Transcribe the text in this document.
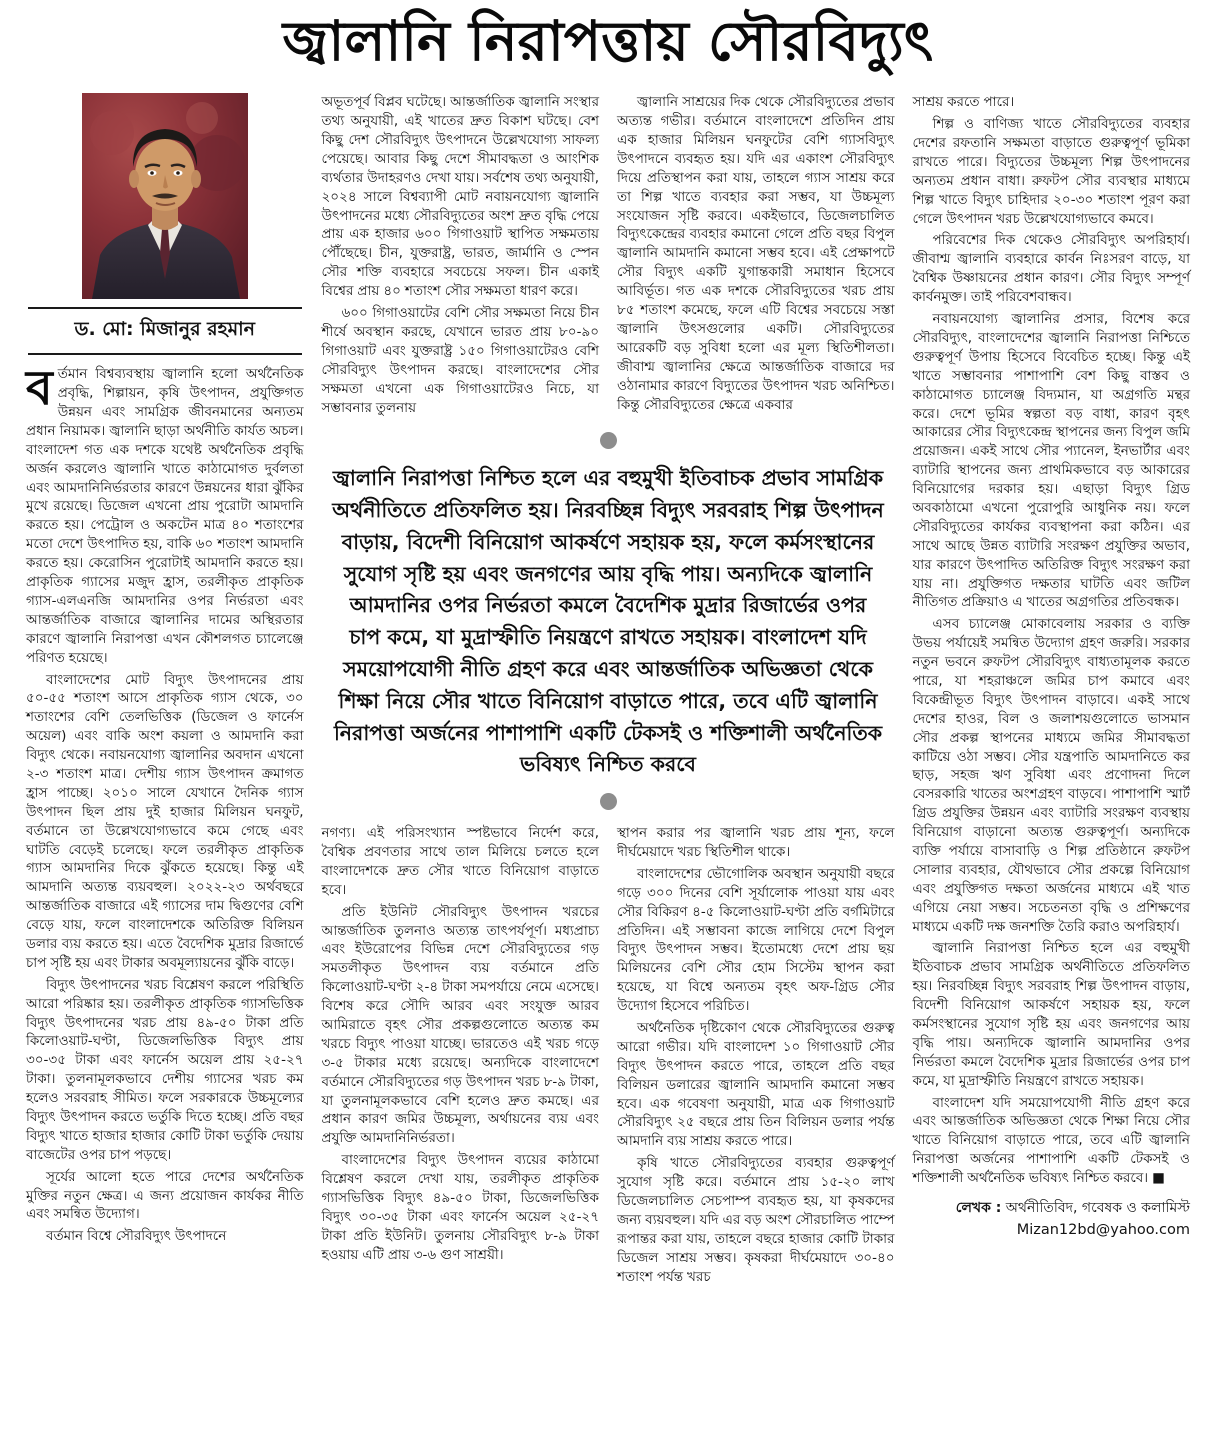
জ্বালানি নিরাপত্তায় সৌরবিদ্যুৎ
ড. মো: মিজানুর রহমান

বর্তমান বিশ্বব্যবস্থায় জ্বালানি হলো অর্থনৈতিক প্রবৃদ্ধি, শিল্পায়ন, কৃষি উৎপাদন, প্রযুক্তিগত উন্নয়ন এবং সামগ্রিক জীবনমানের অন্যতম প্রধান নিয়ামক। জ্বালানি ছাড়া অর্থনীতি কার্যত অচল। বাংলাদেশ গত এক দশকে যথেষ্ট অর্থনৈতিক প্রবৃদ্ধি অর্জন করলেও জ্বালানি খাতে কাঠামোগত দুর্বলতা এবং আমদানিনির্ভরতার কারণে উন্নয়নের ধারা ঝুঁকির মুখে রয়েছে। ডিজেল এখনো প্রায় পুরোটা আমদানি করতে হয়। পেট্রোল ও অকটেন মাত্র ৪০ শতাংশের মতো দেশে উৎপাদিত হয়, বাকি ৬০ শতাংশ আমদানি করতে হয়। কেরোসিন পুরোটাই আমদানি করতে হয়। প্রাকৃতিক গ্যাসের মজুদ হ্রাস, তরলীকৃত প্রাকৃতিক গ্যাস-এলএনজি আমদানির ওপর নির্ভরতা এবং আন্তর্জাতিক বাজারে জ্বালানির দামের অস্থিরতার কারণে জ্বালানি নিরাপত্তা এখন কৌশলগত চ্যালেঞ্জে পরিণত হয়েছে।

বাংলাদেশের মোট বিদ্যুৎ উৎপাদনের প্রায় ৫০-৫৫ শতাংশ আসে প্রাকৃতিক গ্যাস থেকে, ৩০ শতাংশের বেশি তেলভিত্তিক (ডিজেল ও ফার্নেস অয়েল) এবং বাকি অংশ কয়লা ও আমদানি করা বিদ্যুৎ থেকে। নবায়নযোগ্য জ্বালানির অবদান এখনো ২-৩ শতাংশ মাত্র। দেশীয় গ্যাস উৎপাদন ক্রমাগত হ্রাস পাচ্ছে। ২০১০ সালে যেখানে দৈনিক গ্যাস উৎপাদন ছিল প্রায় দুই হাজার মিলিয়ন ঘনফুট, বর্তমানে তা উল্লেখযোগ্যভাবে কমে গেছে এবং ঘাটতি বেড়েই চলেছে। ফলে তরলীকৃত প্রাকৃতিক গ্যাস আমদানির দিকে ঝুঁকতে হয়েছে। কিন্তু এই আমদানি অত্যন্ত ব্যয়বহুল। ২০২২-২৩ অর্থবছরে আন্তর্জাতিক বাজারে এই গ্যাসের দাম দ্বিগুণের বেশি বেড়ে যায়, ফলে বাংলাদেশকে অতিরিক্ত বিলিয়ন ডলার ব্যয় করতে হয়। এতে বৈদেশিক মুদ্রার রিজার্ভে চাপ সৃষ্টি হয় এবং টাকার অবমূল্যায়নের ঝুঁকি বাড়ে।

বিদ্যুৎ উৎপাদনের খরচ বিশ্লেষণ করলে পরিস্থিতি আরো পরিষ্কার হয়। তরলীকৃত প্রাকৃতিক গ্যাসভিত্তিক বিদ্যুৎ উৎপাদনের খরচ প্রায় ৪৯-৫০ টাকা প্রতি কিলোওয়াট-ঘণ্টা, ডিজেলভিত্তিক বিদ্যুৎ প্রায় ৩০-৩৫ টাকা এবং ফার্নেস অয়েল প্রায় ২৫-২৭ টাকা। তুলনামূলকভাবে দেশীয় গ্যাসের খরচ কম হলেও সরবরাহ সীমিত। ফলে সরকারকে উচ্চমূল্যের বিদ্যুৎ উৎপাদন করতে ভর্তুকি দিতে হচ্ছে। প্রতি বছর বিদ্যুৎ খাতে হাজার হাজার কোটি টাকা ভর্তুকি দেয়ায় বাজেটের ওপর চাপ পড়ছে।

সূর্যের আলো হতে পারে দেশের অর্থনৈতিক মুক্তির নতুন ক্ষেত্র। এ জন্য প্রয়োজন কার্যকর নীতি এবং সমন্বিত উদ্যোগ।

বর্তমান বিশ্বে সৌরবিদ্যুৎ উৎপাদনে

অভূতপূর্ব বিপ্লব ঘটেছে। আন্তর্জাতিক জ্বালানি সংস্থার তথ্য অনুযায়ী, এই খাতের দ্রুত বিকাশ ঘটছে। বেশ কিছু দেশ সৌরবিদ্যুৎ উৎপাদনে উল্লেখযোগ্য সাফল্য পেয়েছে। আবার কিছু দেশে সীমাবদ্ধতা ও আংশিক ব্যর্থতার উদাহরণও দেখা যায়। সর্বশেষ তথ্য অনুযায়ী, ২০২৪ সালে বিশ্বব্যাপী মোট নবায়নযোগ্য জ্বালানি উৎপাদনের মধ্যে সৌরবিদ্যুতের অংশ দ্রুত বৃদ্ধি পেয়ে প্রায় এক হাজার ৬০০ গিগাওয়াট স্থাপিত সক্ষমতায় পৌঁছেছে। চীন, যুক্তরাষ্ট্র, ভারত, জার্মানি ও স্পেন সৌর শক্তি ব্যবহারে সবচেয়ে সফল। চীন একাই বিশ্বের প্রায় ৪০ শতাংশ সৌর সক্ষমতা ধারণ করে।

৬০০ গিগাওয়াটের বেশি সৌর সক্ষমতা নিয়ে চীন শীর্ষে অবস্থান করছে, যেখানে ভারত প্রায় ৮০-৯০ গিগাওয়াট এবং যুক্তরাষ্ট্র ১৫০ গিগাওয়াটেরও বেশি সৌরবিদ্যুৎ উৎপাদন করছে। বাংলাদেশের সৌর সক্ষমতা এখনো এক গিগাওয়াটেরও নিচে, যা সম্ভাবনার তুলনায়

জ্বালানি সাশ্রয়ের দিক থেকে সৌরবিদ্যুতের প্রভাব অত্যন্ত গভীর। বর্তমানে বাংলাদেশে প্রতিদিন প্রায় এক হাজার মিলিয়ন ঘনফুটের বেশি গ্যাসবিদ্যুৎ উৎপাদনে ব্যবহৃত হয়। যদি এর একাংশ সৌরবিদ্যুৎ দিয়ে প্রতিস্থাপন করা যায়, তাহলে গ্যাস সাশ্রয় করে তা শিল্প খাতে ব্যবহার করা সম্ভব, যা উচ্চমূল্য সংযোজন সৃষ্টি করবে। একইভাবে, ডিজেলচালিত বিদ্যুৎকেন্দ্রের ব্যবহার কমানো গেলে প্রতি বছর বিপুল জ্বালানি আমদানি কমানো সম্ভব হবে। এই প্রেক্ষাপটে সৌর বিদ্যুৎ একটি যুগান্তকারী সমাধান হিসেবে আবির্ভূত। গত এক দশকে সৌরবিদ্যুতের খরচ প্রায় ৮৫ শতাংশ কমেছে, ফলে এটি বিশ্বের সবচেয়ে সস্তা জ্বালানি উৎসগুলোর একটি। সৌরবিদ্যুতের আরেকটি বড় সুবিধা হলো এর মূল্য স্থিতিশীলতা। জীবাশ্ম জ্বালানির ক্ষেত্রে আন্তর্জাতিক বাজারে দর ওঠানামার কারণে বিদ্যুতের উৎপাদন খরচ অনিশ্চিত। কিন্তু সৌরবিদ্যুতের ক্ষেত্রে একবার

জ্বালানি নিরাপত্তা নিশ্চিত হলে এর বহুমুখী ইতিবাচক প্রভাব সামগ্রিক অর্থনীতিতে প্রতিফলিত হয়। নিরবচ্ছিন্ন বিদ্যুৎ সরবরাহ শিল্প উৎপাদন বাড়ায়, বিদেশী বিনিয়োগ আকর্ষণে সহায়ক হয়, ফলে কর্মসংস্থানের সুযোগ সৃষ্টি হয় এবং জনগণের আয় বৃদ্ধি পায়। অন্যদিকে জ্বালানি আমদানির ওপর নির্ভরতা কমলে বৈদেশিক মুদ্রার রিজার্ভের ওপর চাপ কমে, যা মুদ্রাস্ফীতি নিয়ন্ত্রণে রাখতে সহায়ক। বাংলাদেশ যদি সময়োপযোগী নীতি গ্রহণ করে এবং আন্তর্জাতিক অভিজ্ঞতা থেকে শিক্ষা নিয়ে সৌর খাতে বিনিয়োগ বাড়াতে পারে, তবে এটি জ্বালানি নিরাপত্তা অর্জনের পাশাপাশি একটি টেকসই ও শক্তিশালী অর্থনৈতিক ভবিষ্যৎ নিশ্চিত করবে

নগণ্য। এই পরিসংখ্যান স্পষ্টভাবে নির্দেশ করে, বৈশ্বিক প্রবণতার সাথে তাল মিলিয়ে চলতে হলে বাংলাদেশকে দ্রুত সৌর খাতে বিনিয়োগ বাড়াতে হবে।

প্রতি ইউনিট সৌরবিদ্যুৎ উৎপাদন খরচের আন্তর্জাতিক তুলনাও অত্যন্ত তাৎপর্যপূর্ণ। মধ্যপ্রাচ্য এবং ইউরোপের বিভিন্ন দেশে সৌরবিদ্যুতের গড় সমতলীকৃত উৎপাদন ব্যয় বর্তমানে প্রতি কিলোওয়াট-ঘণ্টা ২-৪ টাকা সমপর্যায়ে নেমে এসেছে। বিশেষ করে সৌদি আরব এবং সংযুক্ত আরব আমিরাতে বৃহৎ সৌর প্রকল্পগুলোতে অত্যন্ত কম খরচে বিদ্যুৎ পাওয়া যাচ্ছে। ভারতেও এই খরচ গড়ে ৩-৫ টাকার মধ্যে রয়েছে। অন্যদিকে বাংলাদেশে বর্তমানে সৌরবিদ্যুতের গড় উৎপাদন খরচ ৮-৯ টাকা, যা তুলনামূলকভাবে বেশি হলেও দ্রুত কমছে। এর প্রধান কারণ জমির উচ্চমূল্য, অর্থায়নের ব্যয় এবং প্রযুক্তি আমদানিনির্ভরতা।

বাংলাদেশের বিদ্যুৎ উৎপাদন ব্যয়ের কাঠামো বিশ্লেষণ করলে দেখা যায়, তরলীকৃত প্রাকৃতিক গ্যাসভিত্তিক বিদ্যুৎ ৪৯-৫০ টাকা, ডিজেলভিত্তিক বিদ্যুৎ ৩০-৩৫ টাকা এবং ফার্নেস অয়েল ২৫-২৭ টাকা প্রতি ইউনিট। তুলনায় সৌরবিদ্যুৎ ৮-৯ টাকা হওয়ায় এটি প্রায় ৩-৬ গুণ সাশ্রয়ী।

স্থাপন করার পর জ্বালানি খরচ প্রায় শূন্য, ফলে দীর্ঘমেয়াদে খরচ স্থিতিশীল থাকে।

বাংলাদেশের ভৌগোলিক অবস্থান অনুযায়ী বছরে গড়ে ৩০০ দিনের বেশি সূর্যালোক পাওয়া যায় এবং সৌর বিকিরণ ৪-৫ কিলোওয়াট-ঘণ্টা প্রতি বর্গমিটারে প্রতিদিন। এই সম্ভাবনা কাজে লাগিয়ে দেশে বিপুল বিদ্যুৎ উৎপাদন সম্ভব। ইতোমধ্যে দেশে প্রায় ছয় মিলিয়নের বেশি সৌর হোম সিস্টেম স্থাপন করা হয়েছে, যা বিশ্বে অন্যতম বৃহৎ অফ-গ্রিড সৌর উদ্যোগ হিসেবে পরিচিত।

অর্থনৈতিক দৃষ্টিকোণ থেকে সৌরবিদ্যুতের গুরুত্ব আরো গভীর। যদি বাংলাদেশ ১০ গিগাওয়াট সৌর বিদ্যুৎ উৎপাদন করতে পারে, তাহলে প্রতি বছর বিলিয়ন ডলারের জ্বালানি আমদানি কমানো সম্ভব হবে। এক গবেষণা অনুযায়ী, মাত্র এক গিগাওয়াট সৌরবিদ্যুৎ ২৫ বছরে প্রায় তিন বিলিয়ন ডলার পর্যন্ত আমদানি ব্যয় সাশ্রয় করতে পারে।

কৃষি খাতে সৌরবিদ্যুতের ব্যবহার গুরুত্বপূর্ণ সুযোগ সৃষ্টি করে। বর্তমানে প্রায় ১৫-২০ লাখ ডিজেলচালিত সেচপাম্প ব্যবহৃত হয়, যা কৃষকদের জন্য ব্যয়বহুল। যদি এর বড় অংশ সৌরচালিত পাম্পে রূপান্তর করা যায়, তাহলে বছরে হাজার কোটি টাকার ডিজেল সাশ্রয় সম্ভব। কৃষকরা দীর্ঘমেয়াদে ৩০-৪০ শতাংশ পর্যন্ত খরচ

সাশ্রয় করতে পারে।

শিল্প ও বাণিজ্য খাতে সৌরবিদ্যুতের ব্যবহার দেশের রফতানি সক্ষমতা বাড়াতে গুরুত্বপূর্ণ ভূমিকা রাখতে পারে। বিদ্যুতের উচ্চমূল্য শিল্প উৎপাদনের অন্যতম প্রধান বাধা। রুফটপ সৌর ব্যবস্থার মাধ্যমে শিল্প খাতে বিদ্যুৎ চাহিদার ২০-৩০ শতাংশ পূরণ করা গেলে উৎপাদন খরচ উল্লেখযোগ্যভাবে কমবে।

পরিবেশের দিক থেকেও সৌরবিদ্যুৎ অপরিহার্য। জীবাশ্ম জ্বালানি ব্যবহারে কার্বন নিঃসরণ বাড়ে, যা বৈশ্বিক উষ্ণায়নের প্রধান কারণ। সৌর বিদ্যুৎ সম্পূর্ণ কার্বনমুক্ত। তাই পরিবেশবান্ধব।

নবায়নযোগ্য জ্বালানির প্রসার, বিশেষ করে সৌরবিদ্যুৎ, বাংলাদেশের জ্বালানি নিরাপত্তা নিশ্চিতে গুরুত্বপূর্ণ উপায় হিসেবে বিবেচিত হচ্ছে। কিন্তু এই খাতে সম্ভাবনার পাশাপাশি বেশ কিছু বাস্তব ও কাঠামোগত চ্যালেঞ্জ বিদ্যমান, যা অগ্রগতি মন্থর করে। দেশে ভূমির স্বল্পতা বড় বাধা, কারণ বৃহৎ আকারের সৌর বিদ্যুৎকেন্দ্র স্থাপনের জন্য বিপুল জমি প্রয়োজন। একই সাথে সৌর প্যানেল, ইনভার্টার এবং ব্যাটারি স্থাপনের জন্য প্রাথমিকভাবে বড় আকারের বিনিয়োগের দরকার হয়। এছাড়া বিদ্যুৎ গ্রিড অবকাঠামো এখনো পুরোপুরি আধুনিক নয়। ফলে সৌরবিদ্যুতের কার্যকর ব্যবস্থাপনা করা কঠিন। এর সাথে আছে উন্নত ব্যাটারি সংরক্ষণ প্রযুক্তির অভাব, যার কারণে উৎপাদিত অতিরিক্ত বিদ্যুৎ সংরক্ষণ করা যায় না। প্রযুক্তিগত দক্ষতার ঘাটতি এবং জটিল নীতিগত প্রক্রিয়াও এ খাতের অগ্রগতির প্রতিবন্ধক।

এসব চ্যালেঞ্জ মোকাবেলায় সরকার ও ব্যক্তি উভয় পর্যায়েই সমন্বিত উদ্যোগ গ্রহণ জরুরি। সরকার নতুন ভবনে রুফটপ সৌরবিদ্যুৎ বাধ্যতামূলক করতে পারে, যা শহরাঞ্চলে জমির চাপ কমাবে এবং বিকেন্দ্রীভূত বিদ্যুৎ উৎপাদন বাড়াবে। একই সাথে দেশের হাওর, বিল ও জলাশয়গুলোতে ভাসমান সৌর প্রকল্প স্থাপনের মাধ্যমে জমির সীমাবদ্ধতা কাটিয়ে ওঠা সম্ভব। সৌর যন্ত্রপাতি আমদানিতে কর ছাড়, সহজ ঋণ সুবিধা এবং প্রণোদনা দিলে বেসরকারি খাতের অংশগ্রহণ বাড়বে। পাশাপাশি স্মার্ট গ্রিড প্রযুক্তির উন্নয়ন এবং ব্যাটারি সংরক্ষণ ব্যবস্থায় বিনিয়োগ বাড়ানো অত্যন্ত গুরুত্বপূর্ণ। অন্যদিকে ব্যক্তি পর্যায়ে বাসাবাড়ি ও শিল্প প্রতিষ্ঠানে রুফটপ সোলার ব্যবহার, যৌথভাবে সৌর প্রকল্পে বিনিয়োগ এবং প্রযুক্তিগত দক্ষতা অর্জনের মাধ্যমে এই খাত এগিয়ে নেয়া সম্ভব। সচেতনতা বৃদ্ধি ও প্রশিক্ষণের মাধ্যমে একটি দক্ষ জনশক্তি তৈরি করাও অপরিহার্য।

জ্বালানি নিরাপত্তা নিশ্চিত হলে এর বহুমুখী ইতিবাচক প্রভাব সামগ্রিক অর্থনীতিতে প্রতিফলিত হয়। নিরবচ্ছিন্ন বিদ্যুৎ সরবরাহ শিল্প উৎপাদন বাড়ায়, বিদেশী বিনিয়োগ আকর্ষণে সহায়ক হয়, ফলে কর্মসংস্থানের সুযোগ সৃষ্টি হয় এবং জনগণের আয় বৃদ্ধি পায়। অন্যদিকে জ্বালানি আমদানির ওপর নির্ভরতা কমলে বৈদেশিক মুদ্রার রিজার্ভের ওপর চাপ কমে, যা মুদ্রাস্ফীতি নিয়ন্ত্রণে রাখতে সহায়ক।

বাংলাদেশ যদি সময়োপযোগী নীতি গ্রহণ করে এবং আন্তর্জাতিক অভিজ্ঞতা থেকে শিক্ষা নিয়ে সৌর খাতে বিনিয়োগ বাড়াতে পারে, তবে এটি জ্বালানি নিরাপত্তা অর্জনের পাশাপাশি একটি টেকসই ও শক্তিশালী অর্থনৈতিক ভবিষ্যৎ নিশ্চিত করবে। ■

লেখক : অর্থনীতিবিদ, গবেষক ও কলামিস্ট
Mizan12bd@yahoo.com
